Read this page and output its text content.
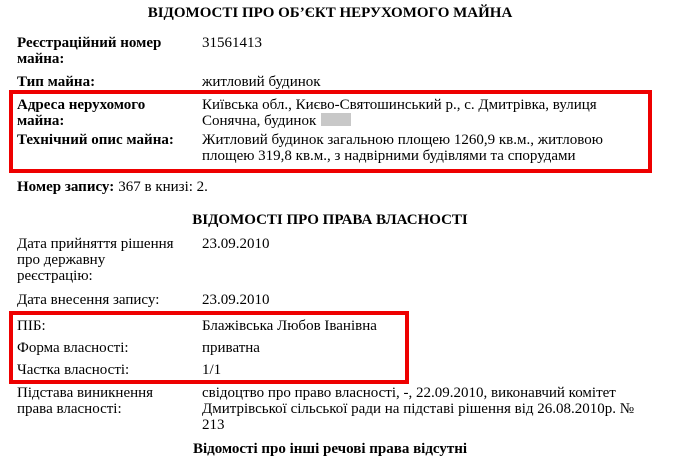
ВІДОМОСТІ ПРО ОБ’ЄКТ НЕРУХОМОГО МАЙНА
Реєстраційний номер майна:
31561413
Тип майна:	житловий будинок
Адреса нерухомого майна:
Київська обл., Києво-Святошинський р., с. Дмитрівка, вулиця Сонячна, будинок
Технічний опис майна:	Житловий будинок загальною площею 1260,9 кв.м., житловою площею 319,8 кв.м., з надвірними будівлями та спорудами
Номер запису: 367 в книзі: 2.
ВІДОМОСТІ ПРО ПРАВА ВЛАСНОСТІ
Дата прийняття рішення про державну реєстрацію:
23.09.2010
Дата внесення запису:	23.09.2010
ПІБ:	Блажівська Любов Іванівна
Форма власності:	приватна
Частка власності:	1/1
Підстава виникнення права власності:
свідоцтво про право власності, -, 22.09.2010, виконавчий комітет Дмитрівської сільської ради на підставі рішення від 26.08.2010р. № 213
Відомості про інші речові права відсутні
